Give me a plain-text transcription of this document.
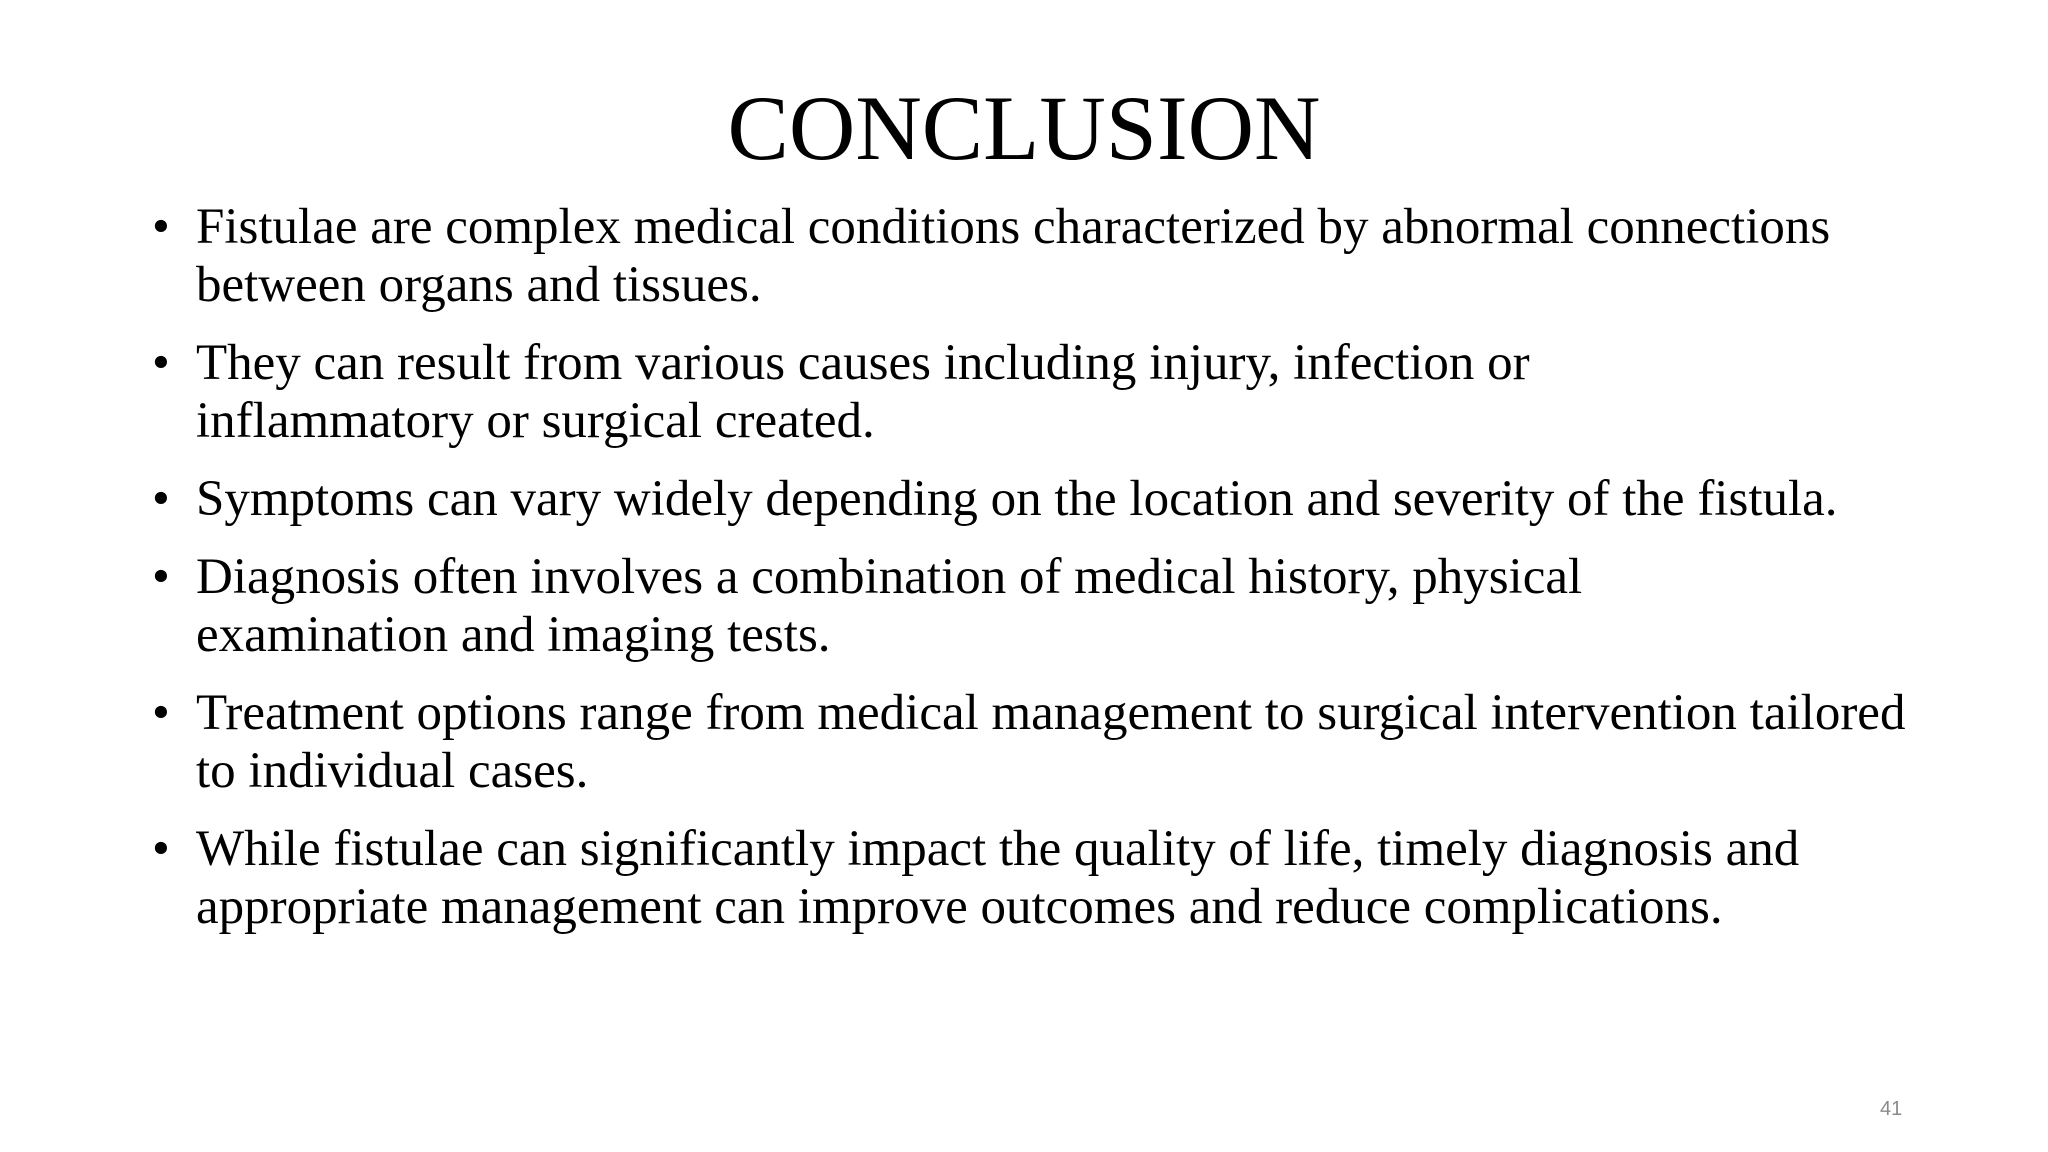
CONCLUSION
• Fistulae are complex medical conditions characterized by abnormal connections between organs and tissues.
• They can result from various causes including injury, infection or inflammatory or surgical created.
• Symptoms can vary widely depending on the location and severity of the fistula.
• Diagnosis often involves a combination of medical history, physical examination and imaging tests.
• Treatment options range from medical management to surgical intervention tailored to individual cases.
• While fistulae can significantly impact the quality of life, timely diagnosis and appropriate management can improve outcomes and reduce complications.
41
